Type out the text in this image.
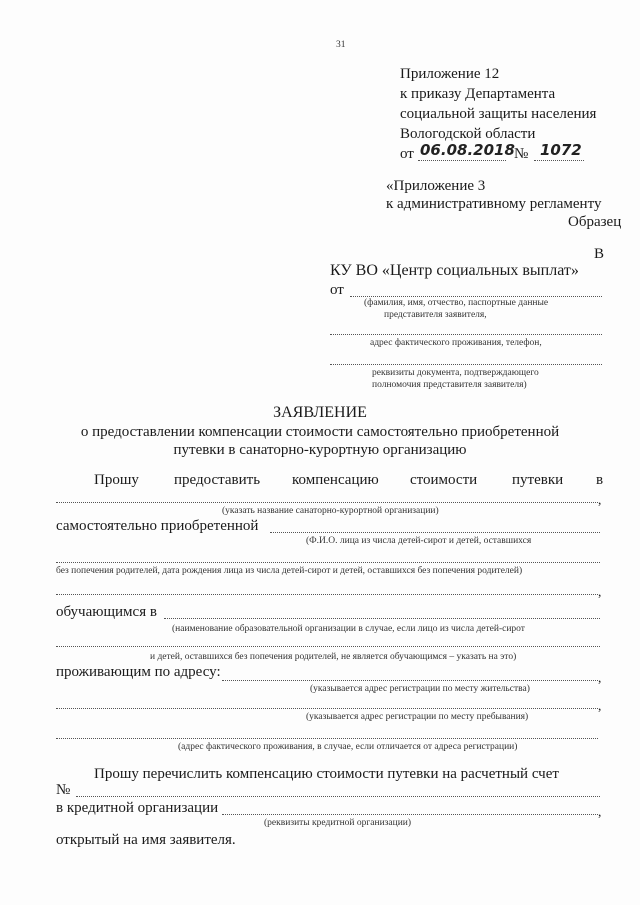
31
Приложение 12
к приказу Департамента
социальной защиты населения
Вологодской области
от 06.08.2018 № 1072
«Приложение 3
к административному регламенту
Образец
В
КУ ВО «Центр социальных выплат»
от
(фамилия, имя, отчество, паспортные данные
представителя заявителя,
адрес фактического проживания, телефон,
реквизиты документа, подтверждающего
полномочия представителя заявителя)
ЗАЯВЛЕНИЕ
о предоставлении компенсации стоимости самостоятельно приобретенной
путевки в санаторно-курортную организацию
Прошу предоставить компенсацию стоимости путевки в
,
(указать название санаторно-курортной организации)
самостоятельно приобретенной
(Ф.И.О. лица из числа детей-сирот и детей, оставшихся
без попечения родителей, дата рождения лица из числа детей-сирот и детей, оставшихся без попечения родителей)
,
обучающимся в
(наименование образовательной организации в случае, если лицо из числа детей-сирот
и детей, оставшихся без попечения родителей, не является обучающимся – указать на это)
проживающим по адресу:	,
(указывается адрес регистрации по месту жительства)
,
(указывается адрес регистрации по месту пребывания)
(адрес фактического проживания, в случае, если отличается от адреса регистрации)
Прошу перечислить компенсацию стоимости путевки на расчетный счет
№
в кредитной организации	,
(реквизиты кредитной организации)
открытый на имя заявителя.
